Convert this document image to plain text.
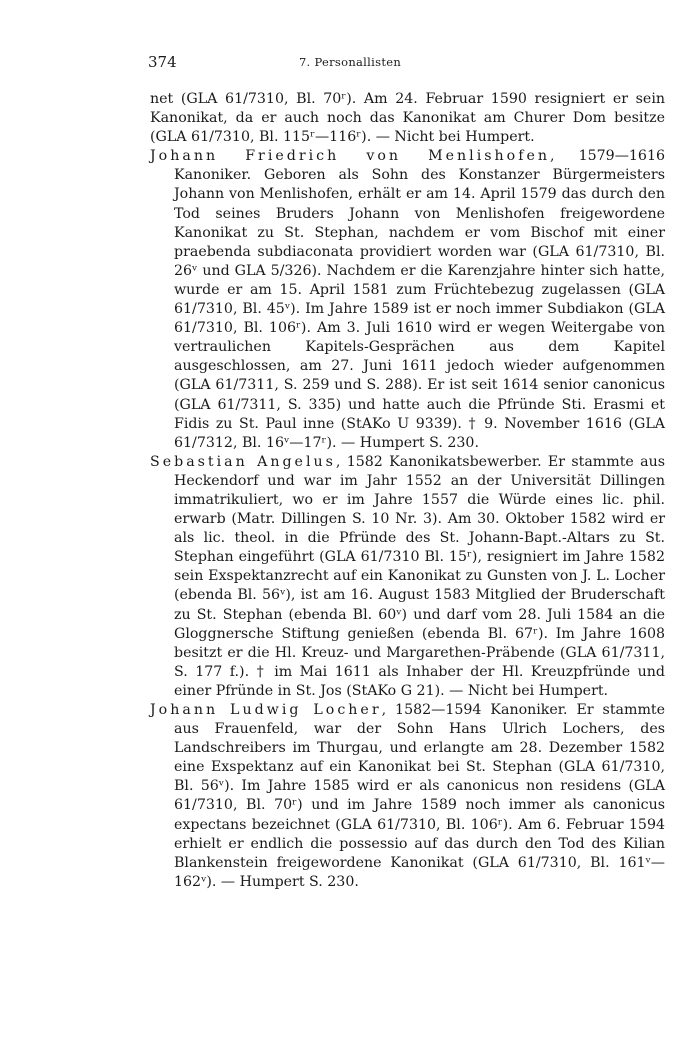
374	7. Personallisten

net (GLA 61/7310, Bl. 70ʳ). Am 24. Februar 1590 resigniert er sein Kanonikat, da er auch noch das Kanonikat am Churer Dom besitze (GLA 61/7310, Bl. 115ʳ—116ʳ). — Nicht bei Humpert.

Johann Friedrich von Menlishofen, 1579—1616 Kanoniker. Geboren als Sohn des Konstanzer Bürgermeisters Johann von Menlishofen, erhält er am 14. April 1579 das durch den Tod seines Bruders Johann von Menlishofen freigewordene Kanonikat zu St. Stephan, nachdem er vom Bischof mit einer praebenda subdiaconata providiert worden war (GLA 61/7310, Bl. 26ᵛ und GLA 5/326). Nachdem er die Karenzjahre hinter sich hatte, wurde er am 15. April 1581 zum Früchtebezug zugelassen (GLA 61/7310, Bl. 45ᵛ). Im Jahre 1589 ist er noch immer Subdiakon (GLA 61/7310, Bl. 106ʳ). Am 3. Juli 1610 wird er wegen Weitergabe von vertraulichen Kapitels-Gesprächen aus dem Kapitel ausgeschlossen, am 27. Juni 1611 jedoch wieder aufgenommen (GLA 61/7311, S. 259 und S. 288). Er ist seit 1614 senior canonicus (GLA 61/7311, S. 335) und hatte auch die Pfründe Sti. Erasmi et Fidis zu St. Paul inne (StAKo U 9339). † 9. November 1616 (GLA 61/7312, Bl. 16ᵛ—17ʳ). — Humpert S. 230.

Sebastian Angelus, 1582 Kanonikatsbewerber. Er stammte aus Heckendorf und war im Jahr 1552 an der Universität Dillingen immatrikuliert, wo er im Jahre 1557 die Würde eines lic. phil. erwarb (Matr. Dillingen S. 10 Nr. 3). Am 30. Oktober 1582 wird er als lic. theol. in die Pfründe des St. Johann-Bapt.-Altars zu St. Stephan eingeführt (GLA 61/7310 Bl. 15ʳ), resigniert im Jahre 1582 sein Exspektanzrecht auf ein Kanonikat zu Gunsten von J. L. Locher (ebenda Bl. 56ᵛ), ist am 16. August 1583 Mitglied der Bruderschaft zu St. Stephan (ebenda Bl. 60ᵛ) und darf vom 28. Juli 1584 an die Gloggnersche Stiftung genießen (ebenda Bl. 67ʳ). Im Jahre 1608 besitzt er die Hl. Kreuz- und Margarethen-Präbende (GLA 61/7311, S. 177 f.). † im Mai 1611 als Inhaber der Hl. Kreuzpfründe und einer Pfründe in St. Jos (StAKo G 21). — Nicht bei Humpert.

Johann Ludwig Locher, 1582—1594 Kanoniker. Er stammte aus Frauenfeld, war der Sohn Hans Ulrich Lochers, des Landschreibers im Thurgau, und erlangte am 28. Dezember 1582 eine Exspektanz auf ein Kanonikat bei St. Stephan (GLA 61/7310, Bl. 56ᵛ). Im Jahre 1585 wird er als canonicus non residens (GLA 61/7310, Bl. 70ʳ) und im Jahre 1589 noch immer als canonicus expectans bezeichnet (GLA 61/7310, Bl. 106ʳ). Am 6. Februar 1594 erhielt er endlich die possessio auf das durch den Tod des Kilian Blankenstein freigewordene Kanonikat (GLA 61/7310, Bl. 161ᵛ—162ᵛ). — Humpert S. 230.
